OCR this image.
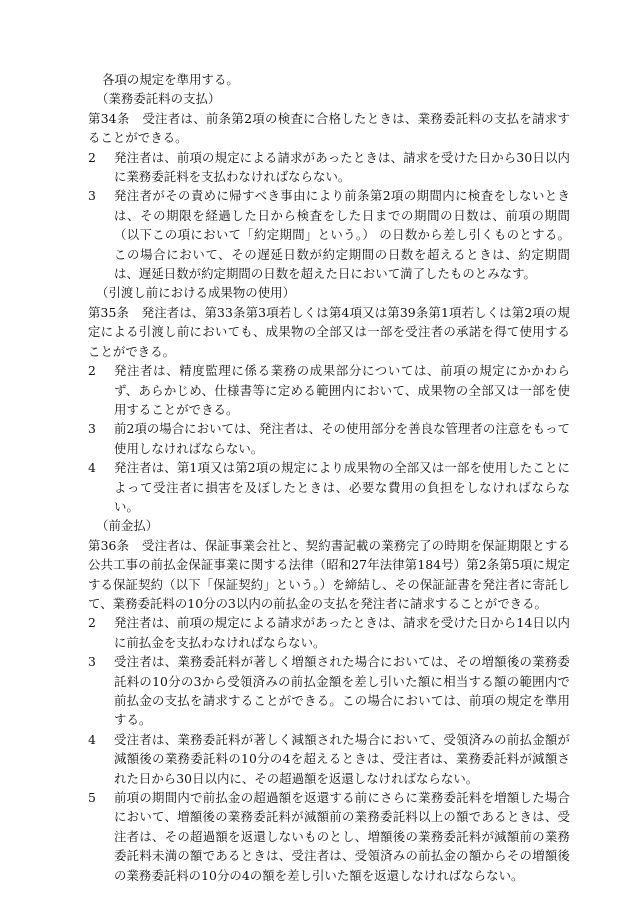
各項の規定を準用する。
（業務委託料の支払）
第34条　 受注者は、前条第2項の検査に合格したときは、業務委託料の支払を請求することができる。
2	発注者は、前項の規定による請求があったときは、請求を受けた日から30日以内に業務委託料を支払わなければならない。
3	発注者がその責めに帰すべき事由により前条第2項の期間内に検査をしないときは、その期限を経過した日から検査をした日までの期間の日数は、前項の期間（以下この項において「約定期間」という。） の日数から差し引くものとする。この場合において、その遅延日数が約定期間の日数を超えるときは、約定期間は、遅延日数が約定期間の日数を超えた日において満了したものとみなす。
（引渡し前における成果物の使用）
第35条　 発注者は、第33条第3項若しくは第4項又は第39条第1項若しくは第2項の規定による引渡し前においても、成果物の全部又は一部を受注者の承諾を得て使用することができる。
2	発注者は、精度監理に係る業務の成果部分については、前項の規定にかかわらず、あらかじめ、仕様書等に定める範囲内において、成果物の全部又は一部を使用することができる。
3	前2項の場合においては、発注者は、その使用部分を善良な管理者の注意をもって使用しなければならない。
4	発注者は、第1項又は第2項の規定により成果物の全部又は一部を使用したことによって受注者に損害を及ぼしたときは、必要な費用の負担をしなければならない。
（前金払）
第36条　 受注者は、保証事業会社と、契約書記載の業務完了の時期を保証期限とする公共工事の前払金保証事業に関する法律（昭和27年法律第184号）第2条第5項に規定する保証契約（以下「保証契約」という。）を締結し、その保証証書を発注者に寄託して、業務委託料の10分の3以内の前払金の支払を発注者に請求することができる。
2	発注者は、前項の規定による請求があったときは、請求を受けた日から14日以内に前払金を支払わなければならない。
3	受注者は、業務委託料が著しく増額された場合においては、その増額後の業務委託料の10分の3から受領済みの前払金額を差し引いた額に相当する額の範囲内で前払金の支払を請求することができる。この場合においては、前項の規定を準用する。
4	受注者は、業務委託料が著しく減額された場合において、受領済みの前払金額が減額後の業務委託料の10分の4を超えるときは、受注者は、業務委託料が減額された日から30日以内に、その超過額を返還しなければならない。
5	前項の期間内で前払金の超過額を返還する前にさらに業務委託料を増額した場合において、増額後の業務委託料が減額前の業務委託料以上の額であるときは、受注者は、その超過額を返還しないものとし、増額後の業務委託料が減額前の業務委託料未満の額であるときは、受注者は、受領済みの前払金の額からその増額後の業務委託料の10分の4の額を差し引いた額を返還しなければならない。
